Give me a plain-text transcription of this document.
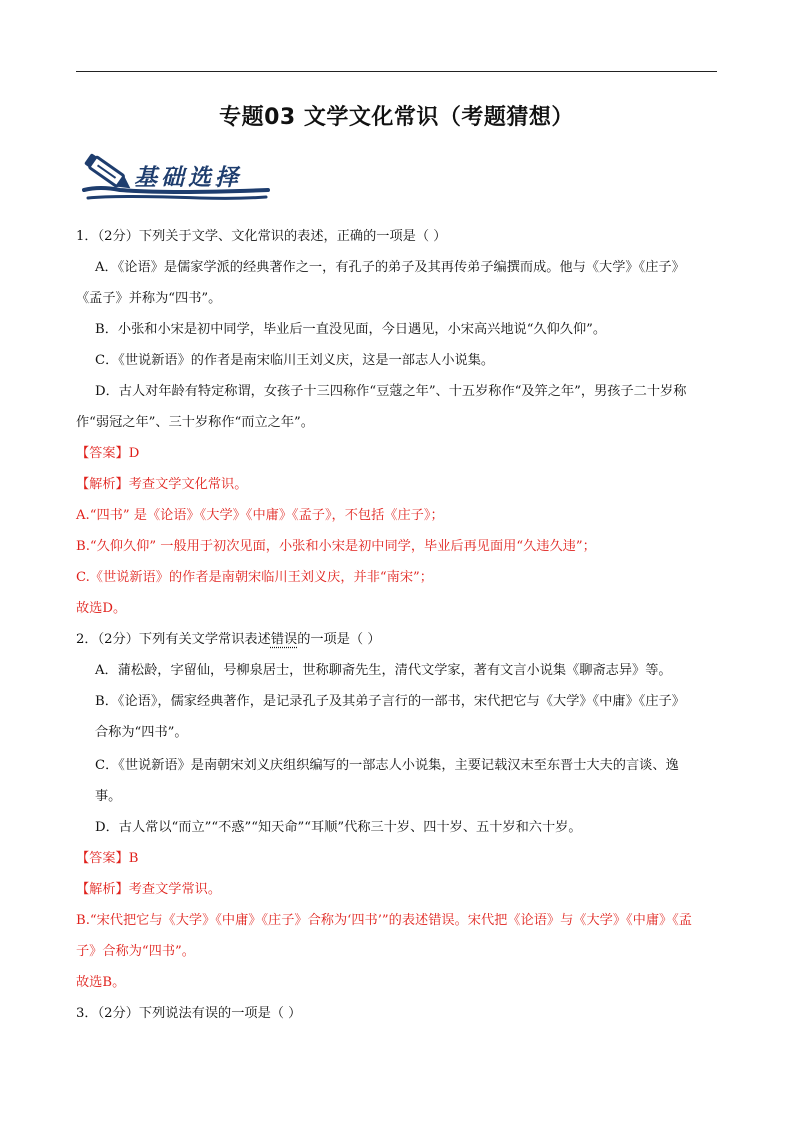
专题03 文学文化常识（考题猜想）
基础选择
1．（2分）下列关于文学、文化常识的表述，正确的一项是（ ）
A．《论语》是儒家学派的经典著作之一，有孔子的弟子及其再传弟子编撰而成。他与《大学》《庄子》
《孟子》并称为“四书”。
B．小张和小宋是初中同学，毕业后一直没见面，今日遇见，小宋高兴地说“久仰久仰”。
C．《世说新语》的作者是南宋临川王刘义庆，这是一部志人小说集。
D．古人对年龄有特定称谓，女孩子十三四称作“豆蔻之年”、十五岁称作“及笄之年”，男孩子二十岁称
作“弱冠之年”、三十岁称作“而立之年”。
【答案】D
【解析】考查文学文化常识。
A.“四书” 是《论语》《大学》《中庸》《孟子》，不包括《庄子》；
B.“久仰久仰” 一般用于初次见面，小张和小宋是初中同学，毕业后再见面用“久违久违”；
C.《世说新语》的作者是南朝宋临川王刘义庆，并非“南宋”；
故选D。
2．（2分）下列有关文学常识表述错误的一项是（ ）
A．蒲松龄，字留仙，号柳泉居士，世称聊斋先生，清代文学家，著有文言小说集《聊斋志异》等。
B．《论语》，儒家经典著作，是记录孔子及其弟子言行的一部书，宋代把它与《大学》《中庸》《庄子》
合称为“四书”。
C．《世说新语》是南朝宋刘义庆组织编写的一部志人小说集，主要记载汉末至东晋士大夫的言谈、逸
事。
D．古人常以“而立”“不惑”“知天命”“耳顺”代称三十岁、四十岁、五十岁和六十岁。
【答案】B
【解析】考查文学常识。
B.“宋代把它与《大学》《中庸》《庄子》合称为‘四书’”的表述错误。宋代把《论语》与《大学》《中庸》《孟
子》合称为“四书”。
故选B。
3．（2分）下列说法有误的一项是（ ）
